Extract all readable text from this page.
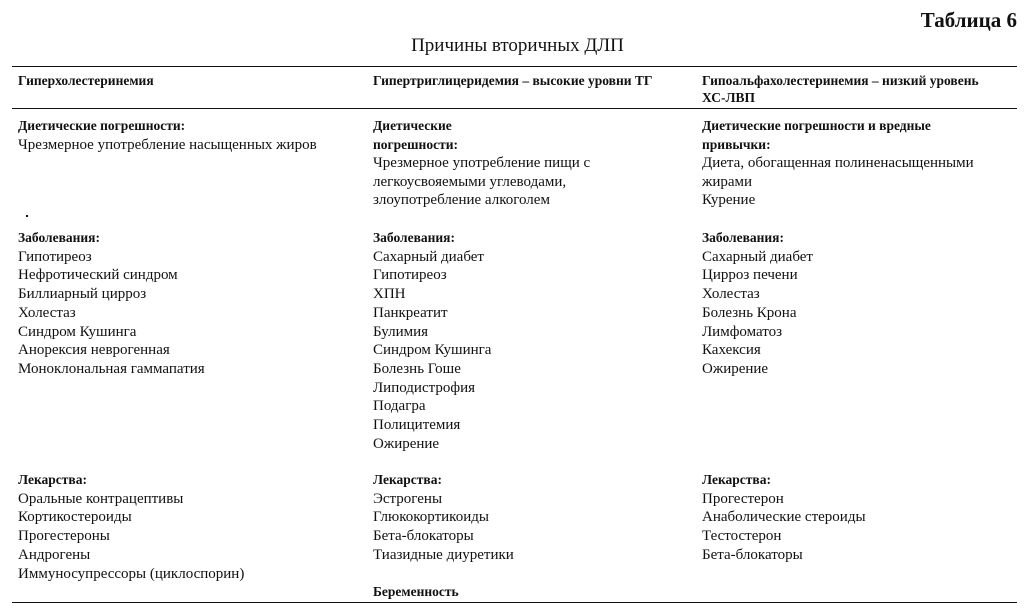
Таблица 6
Причины вторичных ДЛП
Гиперхолестеринемия	Гипертриглицеридемия – высокие уровни ТГ	Гипоальфахолестеринемия – низкий уровень ХС-ЛВП
Диетические погрешности:
Чрезмерное употребление насыщенных жиров
Заболевания:
Гипотиреоз
Нефротический синдром
Биллиарный цирроз
Холестаз
Синдром Кушинга
Анорексия неврогенная
Моноклональная гаммапатия
Лекарства:
Оральные контрацептивы
Кортикостероиды
Прогестероны
Андрогены
Иммуносупрессоры (циклоспорин)
Диетические погрешности:
Чрезмерное употребление пищи с легкоусвояемыми углеводами, злоупотребление алкоголем
Заболевания:
Сахарный диабет
Гипотиреоз
ХПН
Панкреатит
Булимия
Синдром Кушинга
Болезнь Гоше
Липодистрофия
Подагра
Полицитемия
Ожирение
Лекарства:
Эстрогены
Глюкокортикоиды
Бета-блокаторы
Тиазидные диуретики
Беременность
Диетические погрешности и вредные привычки:
Диета, обогащенная полиненасыщенными жирами
Курение
Заболевания:
Сахарный диабет
Цирроз печени
Холестаз
Болезнь Крона
Лимфоматоз
Кахексия
Ожирение
Лекарства:
Прогестерон
Анаболические стероиды
Тестостерон
Бета-блокаторы
